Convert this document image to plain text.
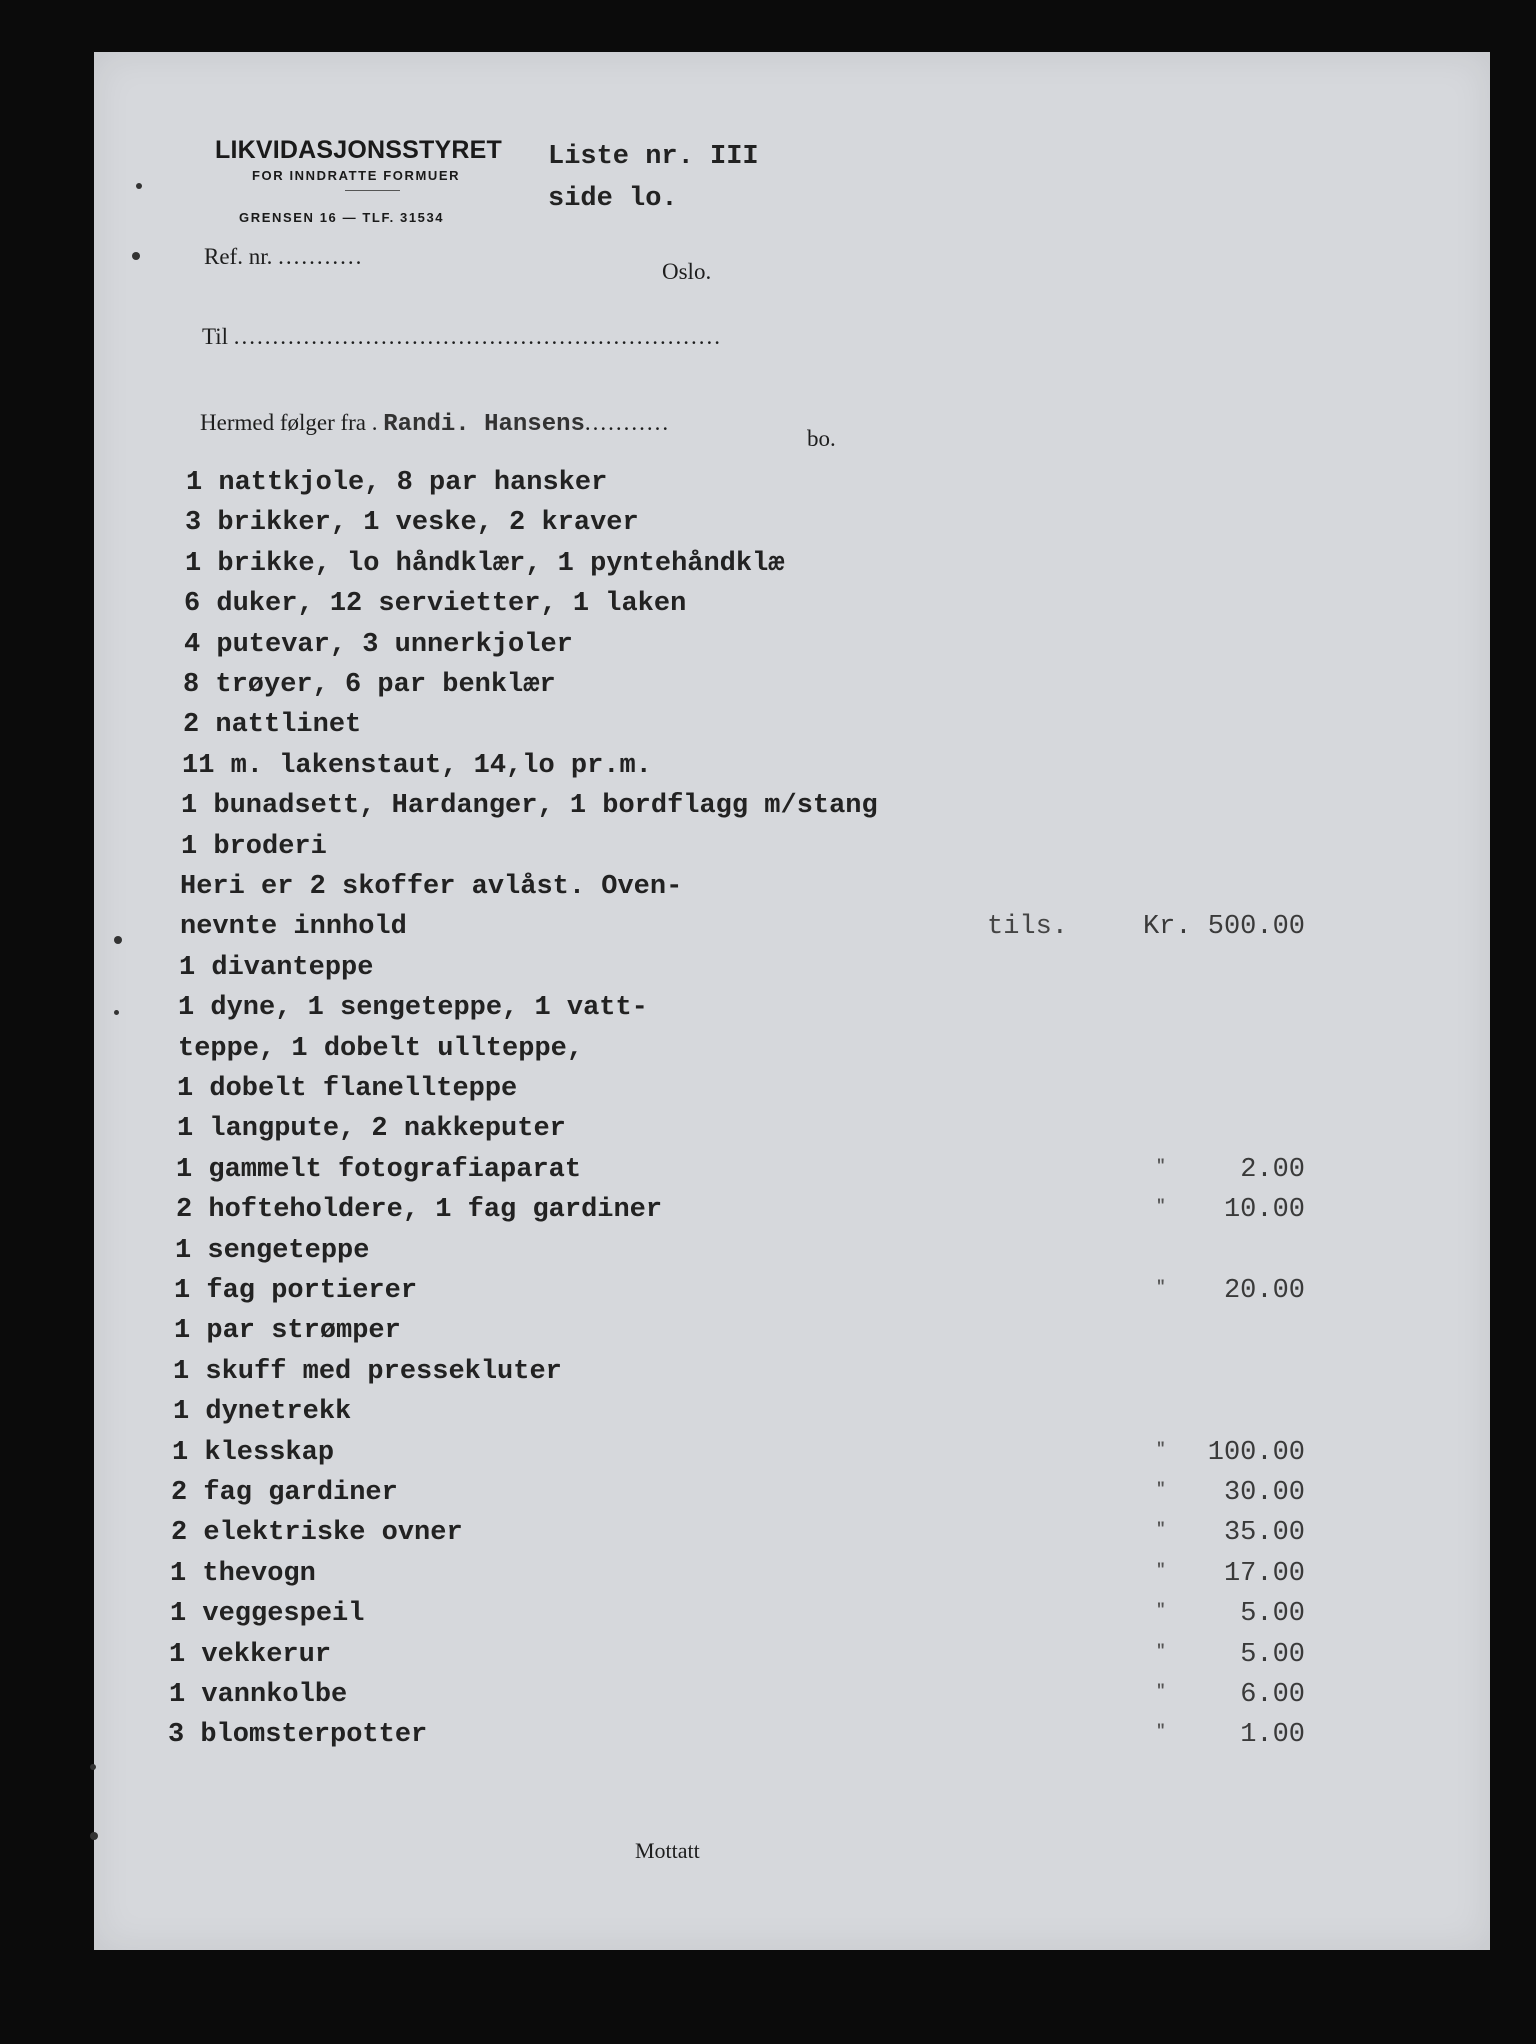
LIKVIDASJONSSTYRET
FOR INNDRATTE FORMUER
GRENSEN 16 — TLF. 31534
Liste nr. III
side lo.
Ref. nr. ...........
Oslo.
Til ...............................................................
Hermed følger fra . Randi. Hansens...........
bo.
1 nattkjole, 8 par hansker
3 brikker, 1 veske, 2 kraver
1 brikke, lo håndklær, 1 pyntehåndklæ
6 duker, 12 servietter, 1 laken
4 putevar, 3 unnerkjoler
8 trøyer, 6 par benklær
2 nattlinet
11 m. lakenstaut, 14,lo pr.m.
1 bunadsett, Hardanger, 1 bordflagg m/stang
1 broderi
Heri er 2 skoffer avlåst. Oven-
nevnte innhold	tils.	Kr. 500.00
1 divanteppe
1 dyne, 1 sengeteppe, 1 vatt-
teppe, 1 dobelt ullteppe,
1 dobelt flanellteppe
1 langpute, 2 nakkeputer
1 gammelt fotografiaparat	"	2.00
2 hofteholdere, 1 fag gardiner	" 10.00
1 sengeteppe
1 fag portierer	" 20.00
1 par strømper
1 skuff med pressekluter
1 dynetrekk
1 klesskap	" 100.00
2 fag gardiner	" 30.00
2 elektriske ovner	" 35.00
1 thevogn	" 17.00
1 veggespeil	"	5.00
1 vekkerur	"	5.00
1 vannkolbe	"	6.00
3 blomsterpotter	"	1.00
Mottatt
